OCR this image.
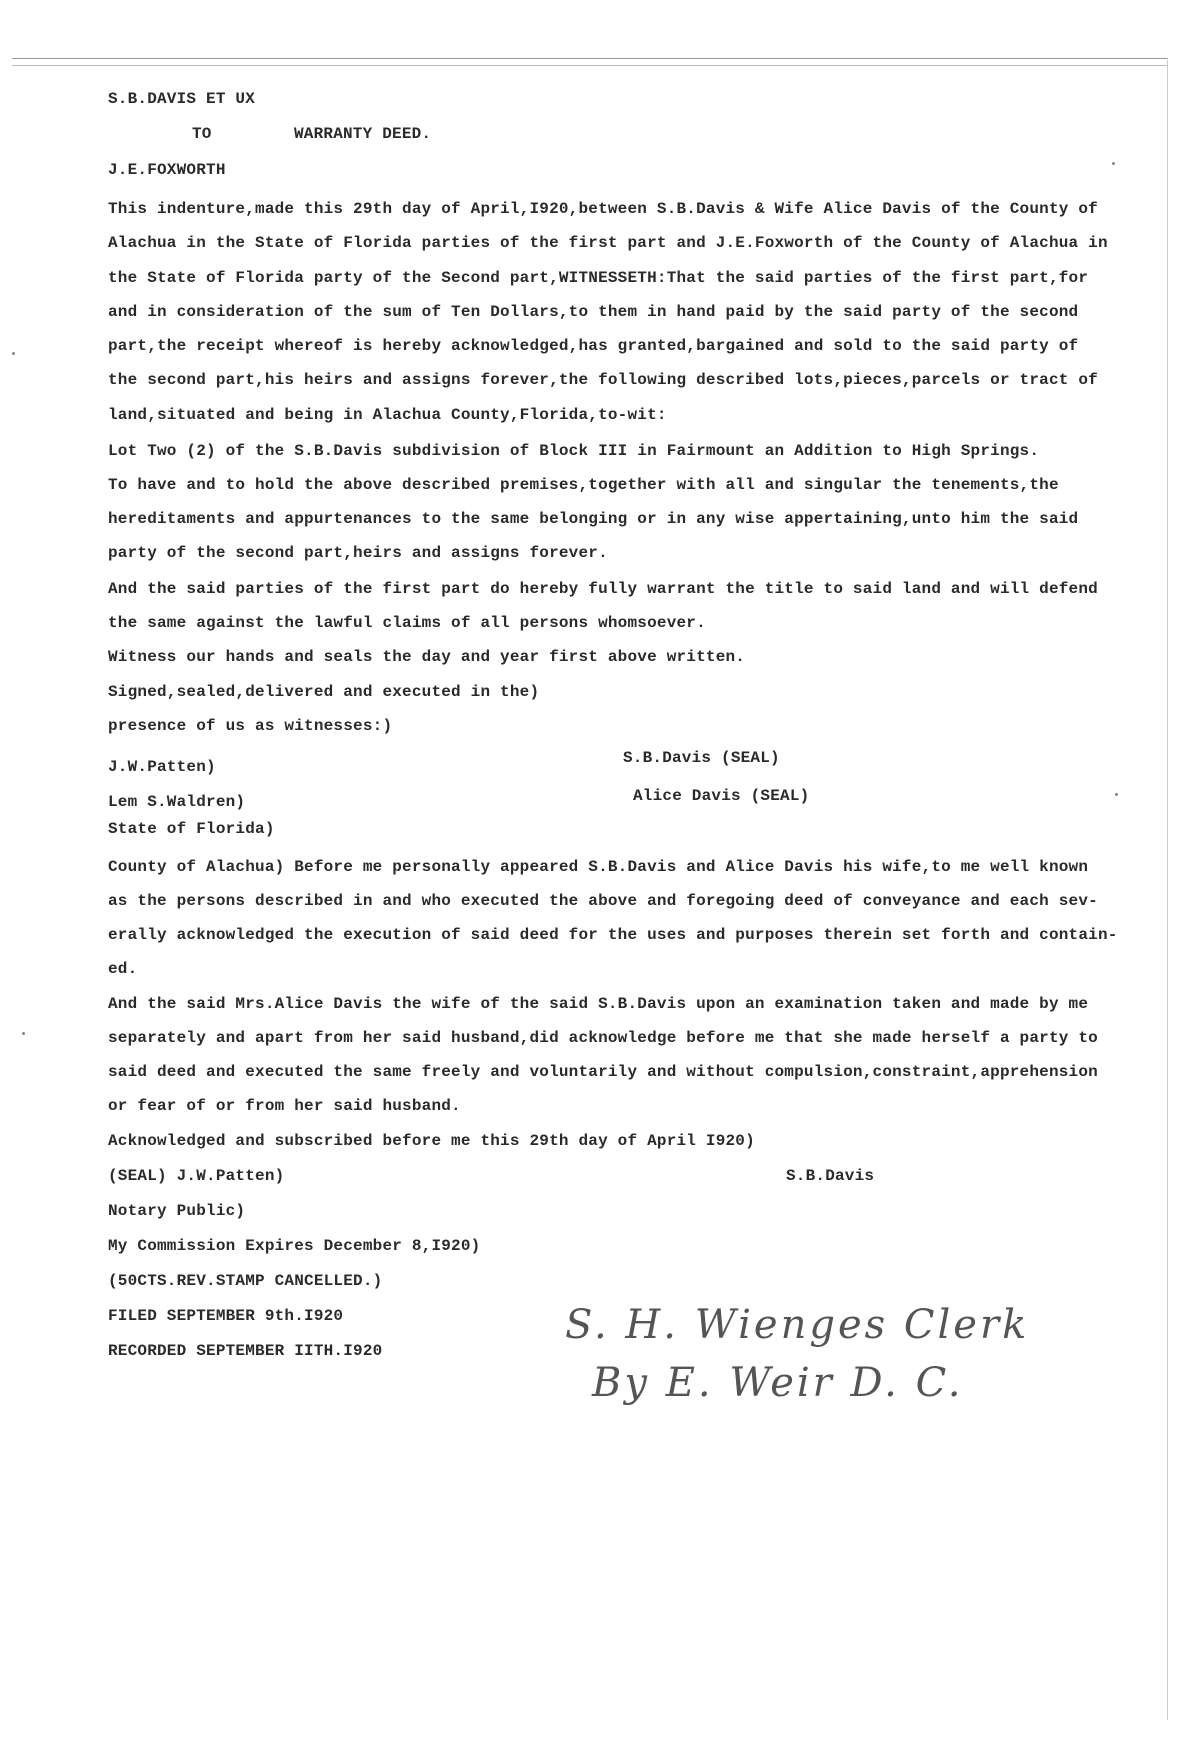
S.B.DAVIS ET UX
TO	WARRANTY DEED.
J.E.FOXWORTH
This indenture,made this 29th day of April,I920,between S.B.Davis & Wife Alice Davis of the County of
Alachua in the State of Florida parties of the first part and J.E.Foxworth of the County of Alachua in
the State of Florida party of the Second part,WITNESSETH:That the said parties of the first part,for
and in consideration of the sum of Ten Dollars,to them in hand paid by the said party of the second
part,the receipt whereof is hereby acknowledged,has granted,bargained and sold to the said party of
the second part,his heirs and assigns forever,the following described lots,pieces,parcels or tract of
land,situated and being in Alachua County,Florida,to-wit:
Lot Two (2) of the S.B.Davis subdivision of Block III in Fairmount an Addition to High Springs.
To have and to hold the above described premises,together with all and singular the tenements,the
hereditaments and appurtenances to the same belonging or in any wise appertaining,unto him the said
party of the second part,heirs and assigns forever.
And the said parties of the first part do hereby fully warrant the title to said land and will defend
the same against the lawful claims of all persons whomsoever.
Witness our hands and seals the day and year first above written.
Signed,sealed,delivered and executed in the)
presence of us as witnesses:)
J.W.Patten)
Lem S.Waldren)
S.B.Davis (SEAL)
Alice Davis (SEAL)
State of Florida)
County of Alachua) Before me personally appeared S.B.Davis and Alice Davis his wife,to me well known
as the persons described in and who executed the above and foregoing deed of conveyance and each sev-
erally acknowledged the execution of said deed for the uses and purposes therein set forth and contain-
ed.
And the said Mrs.Alice Davis the wife of the said S.B.Davis upon an examination taken and made by me
separately and apart from her said husband,did acknowledge before me that she made herself a party to
said deed and executed the same freely and voluntarily and without compulsion,constraint,apprehension
or fear of or from her said husband.
Acknowledged and subscribed before me this 29th day of April I920)
(SEAL) J.W.Patten)	S.B.Davis
Notary Public)
My Commission Expires December 8,I920)
(50CTS.REV.STAMP CANCELLED.)
FILED SEPTEMBER 9th.I920
RECORDED SEPTEMBER IITH.I920
S. H. Wienges Clerk
By E. Weir D. C.
